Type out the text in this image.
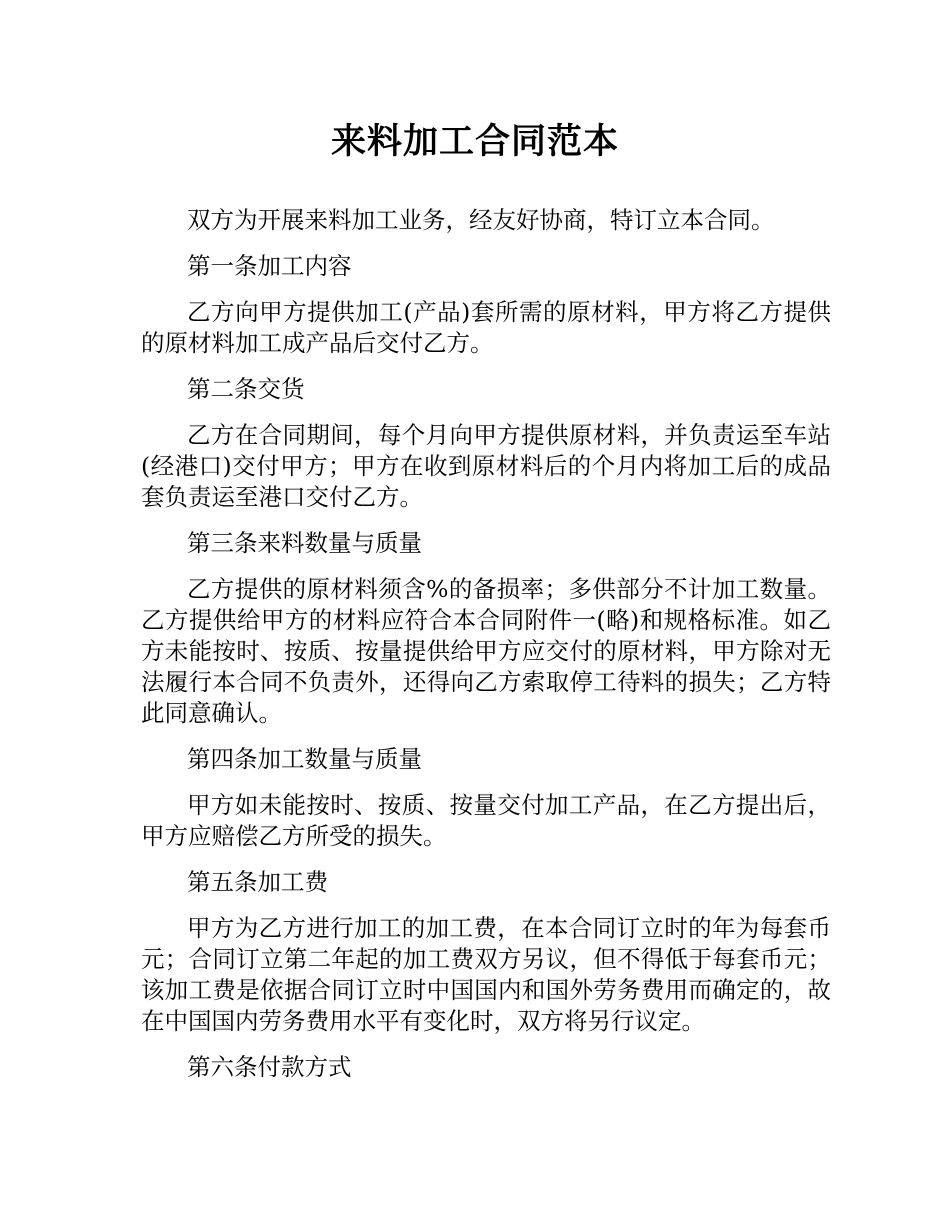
来料加工合同范本

双方为开展来料加工业务，经友好协商，特订立本合同。

第一条加工内容

乙方向甲方提供加工(产品)套所需的原材料，甲方将乙方提供的原材料加工成产品后交付乙方。

第二条交货

乙方在合同期间，每个月向甲方提供原材料，并负责运至车站(经港口)交付甲方；甲方在收到原材料后的个月内将加工后的成品套负责运至港口交付乙方。

第三条来料数量与质量

乙方提供的原材料须含%的备损率；多供部分不计加工数量。乙方提供给甲方的材料应符合本合同附件一(略)和规格标准。如乙方未能按时、按质、按量提供给甲方应交付的原材料，甲方除对无法履行本合同不负责外，还得向乙方索取停工待料的损失；乙方特此同意确认。

第四条加工数量与质量

甲方如未能按时、按质、按量交付加工产品，在乙方提出后，甲方应赔偿乙方所受的损失。

第五条加工费

甲方为乙方进行加工的加工费，在本合同订立时的年为每套币元；合同订立第二年起的加工费双方另议，但不得低于每套币元；该加工费是依据合同订立时中国国内和国外劳务费用而确定的，故在中国国内劳务费用水平有变化时，双方将另行议定。

第六条付款方式
